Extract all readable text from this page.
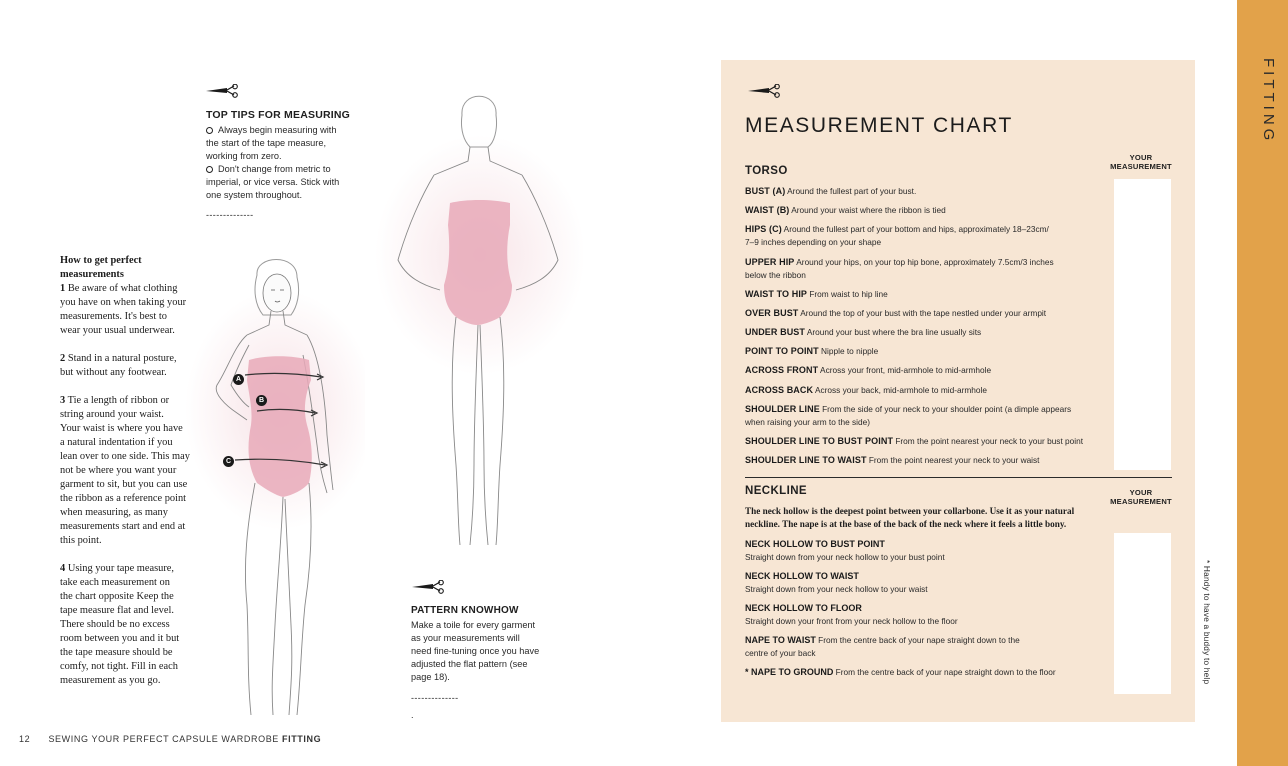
TOP TIPS FOR MEASURING
Always begin measuring with
the start of the tape measure,
working from zero.
Don't change from metric to
imperial, or vice versa. Stick with
one system throughout.
--------------

How to get perfect
measurements

1 Be aware of what clothing
you have on when taking your
measurements. It's best to
wear your usual underwear.

2 Stand in a natural posture,
but without any footwear.

3 Tie a length of ribbon or
string around your waist.
Your waist is where you have
a natural indentation if you
lean over to one side. This may
not be where you want your
garment to sit, but you can use
the ribbon as a reference point
when measuring, as many
measurements start and end at
this point.

4 Using your tape measure,
take each measurement on
the chart opposite Keep the
tape measure flat and level.
There should be no excess
room between you and it but
the tape measure should be
comfy, not tight. Fill in each
measurement as you go.

A
B
C
PATTERN KNOWHOW
Make a toile for every garment
as your measurements will
need fine-tuning once you have
adjusted the flat pattern (see
page 18).
--------------
.
12 SEWING YOUR PERFECT CAPSULE WARDROBE FITTING
MEASUREMENT CHART
TORSO
YOUR
MEASUREMENT
BUST (A) Around the fullest part of your bust.
WAIST (B) Around your waist where the ribbon is tied
HIPS (C) Around the fullest part of your bottom and hips, approximately 18–23cm/
7–9 inches depending on your shape
UPPER HIP Around your hips, on your top hip bone, approximately 7.5cm/3 inches
below the ribbon
WAIST TO HIP From waist to hip line
OVER BUST Around the top of your bust with the tape nestled under your armpit
UNDER BUST Around your bust where the bra line usually sits
POINT TO POINT Nipple to nipple
ACROSS FRONT Across your front, mid-armhole to mid-armhole
ACROSS BACK Across your back, mid-armhole to mid-armhole
SHOULDER LINE From the side of your neck to your shoulder point (a dimple appears
when raising your arm to the side)
SHOULDER LINE TO BUST POINT From the point nearest your neck to your bust point
SHOULDER LINE TO WAIST From the point nearest your neck to your waist
NECKLINE	YOUR
MEASUREMENT
The neck hollow is the deepest point between your collarbone. Use it as your natural
neckline. The nape is at the base of the back of the neck where it feels a little bony.
NECK HOLLOW TO BUST POINT
Straight down from your neck hollow to your bust point
NECK HOLLOW TO WAIST
Straight down from your neck hollow to your waist
NECK HOLLOW TO FLOOR
Straight down your front from your neck hollow to the floor
NAPE TO WAIST From the centre back of your nape straight down to the
centre of your back
* NAPE TO GROUND From the centre back of your nape straight down to the floor	* Handy to have a buddy to help
FITTING
